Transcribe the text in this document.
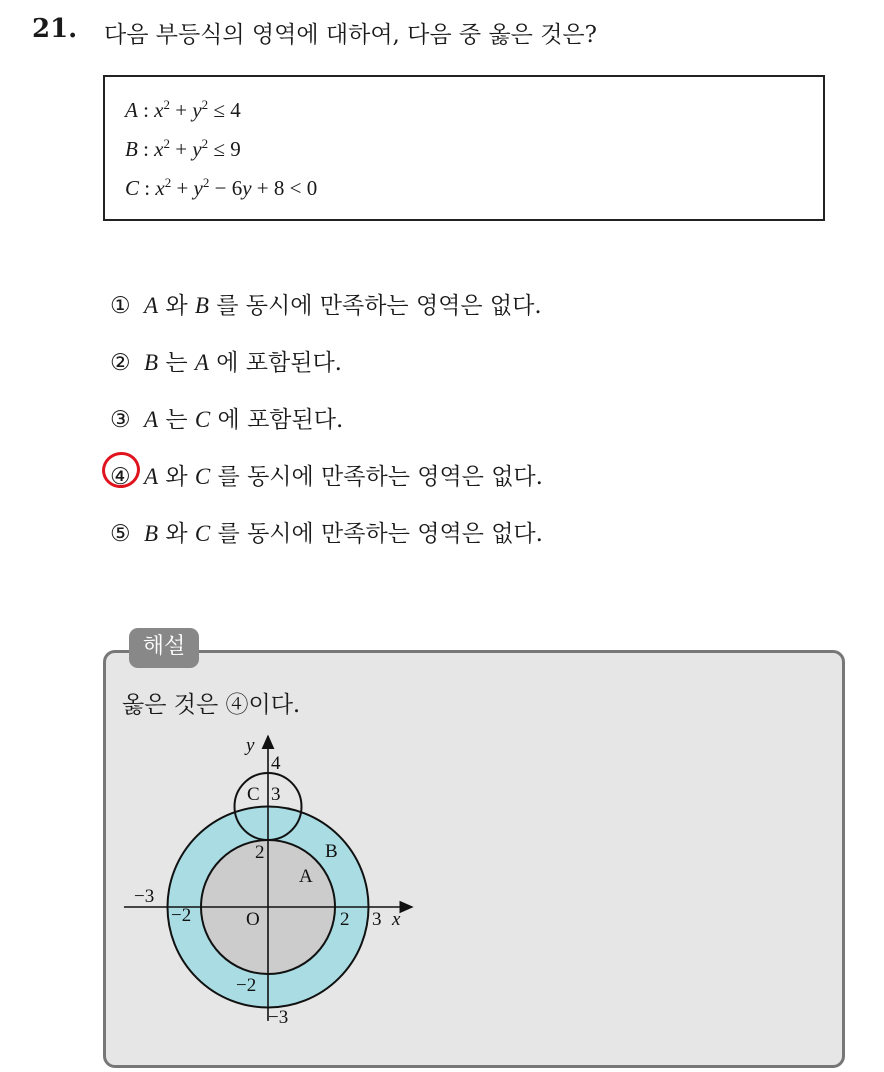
21. 다음 부등식의 영역에 대하여, 다음 중 옳은 것은?
A : $x^2 + y^2 \le 4$
B : $x^2 + y^2 \le 9$
C : $x^2 + y^2 - 6y + 8 < 0$
① A 와 B 를 동시에 만족하는 영역은 없다.
② B 는 A 에 포함된다.
③ A 는 C 에 포함된다.
④ A 와 C 를 동시에 만족하는 영역은 없다.
⑤ B 와 C 를 동시에 만족하는 영역은 없다.
해설
옳은 것은 ④이다.
y
x
O
4
3
2
−2
−3
2 3
−2
−3
A
B
C
